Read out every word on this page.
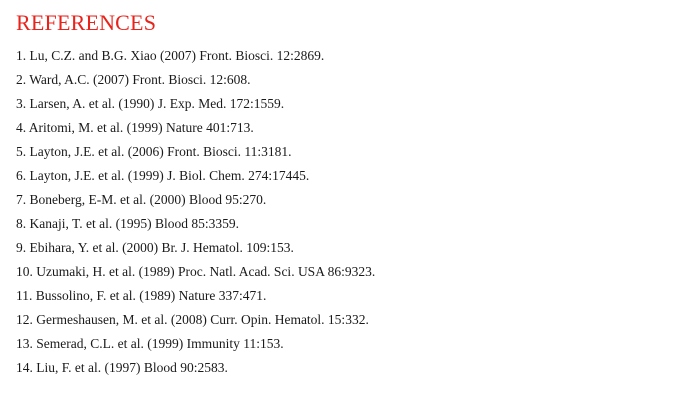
REFERENCES
1. Lu, C.Z. and B.G. Xiao (2007) Front. Biosci. 12:2869.
2. Ward, A.C. (2007) Front. Biosci. 12:608.
3. Larsen, A. et al. (1990) J. Exp. Med. 172:1559.
4. Aritomi, M. et al. (1999) Nature 401:713.
5. Layton, J.E. et al. (2006) Front. Biosci. 11:3181.
6. Layton, J.E. et al. (1999) J. Biol. Chem. 274:17445.
7. Boneberg, E-M. et al. (2000) Blood 95:270.
8. Kanaji, T. et al. (1995) Blood 85:3359.
9. Ebihara, Y. et al. (2000) Br. J. Hematol. 109:153.
10. Uzumaki, H. et al. (1989) Proc. Natl. Acad. Sci. USA 86:9323.
11. Bussolino, F. et al. (1989) Nature 337:471.
12. Germeshausen, M. et al. (2008) Curr. Opin. Hematol. 15:332.
13. Semerad, C.L. et al. (1999) Immunity 11:153.
14. Liu, F. et al. (1997) Blood 90:2583.
